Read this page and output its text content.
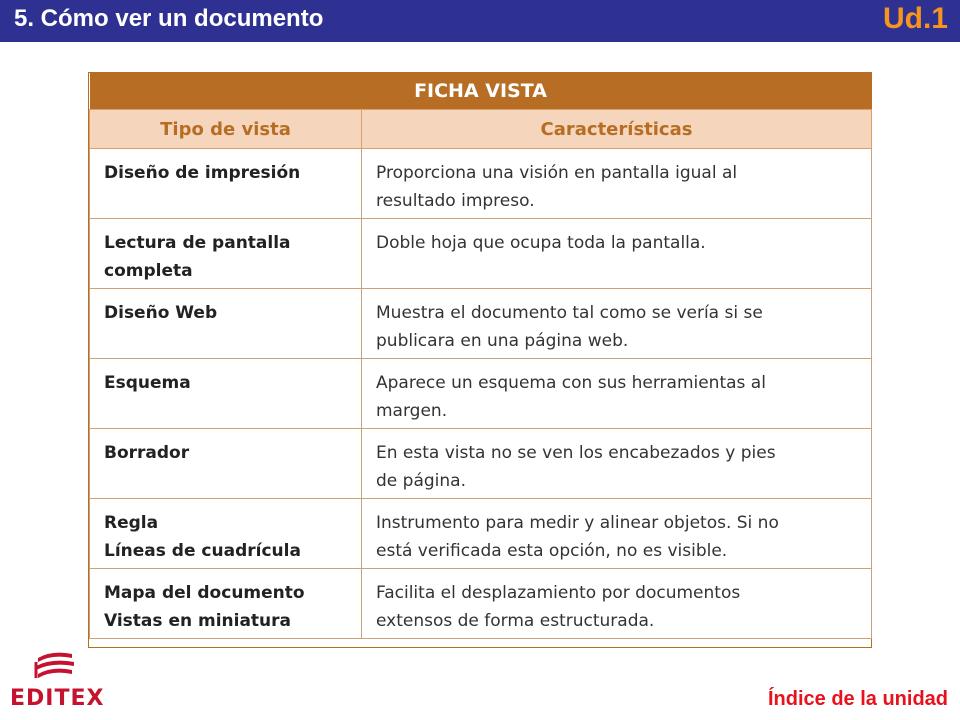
5. Cómo ver un documento	Ud.1
FICHA VISTA	
Tipo de vista	Características

Diseño de impresión	Proporciona una visión en pantalla igual al
resultado impreso.

Lectura de pantalla
completa	Doble hoja que ocupa toda la pantalla.

Diseño Web	Muestra el documento tal como se vería si se
publicara en una página web.

Esquema	Aparece un esquema con sus herramientas al
margen.

Borrador	En esta vista no se ven los encabezados y pies
de página.

Regla
Líneas de cuadrícula	Instrumento para medir y alinear objetos. Si no
está verificada esta opción, no es visible.

Mapa del documento
Vistas en miniatura	Facilita el desplazamiento por documentos
extensos de forma estructurada.
EDITEX	Índice de la unidad
